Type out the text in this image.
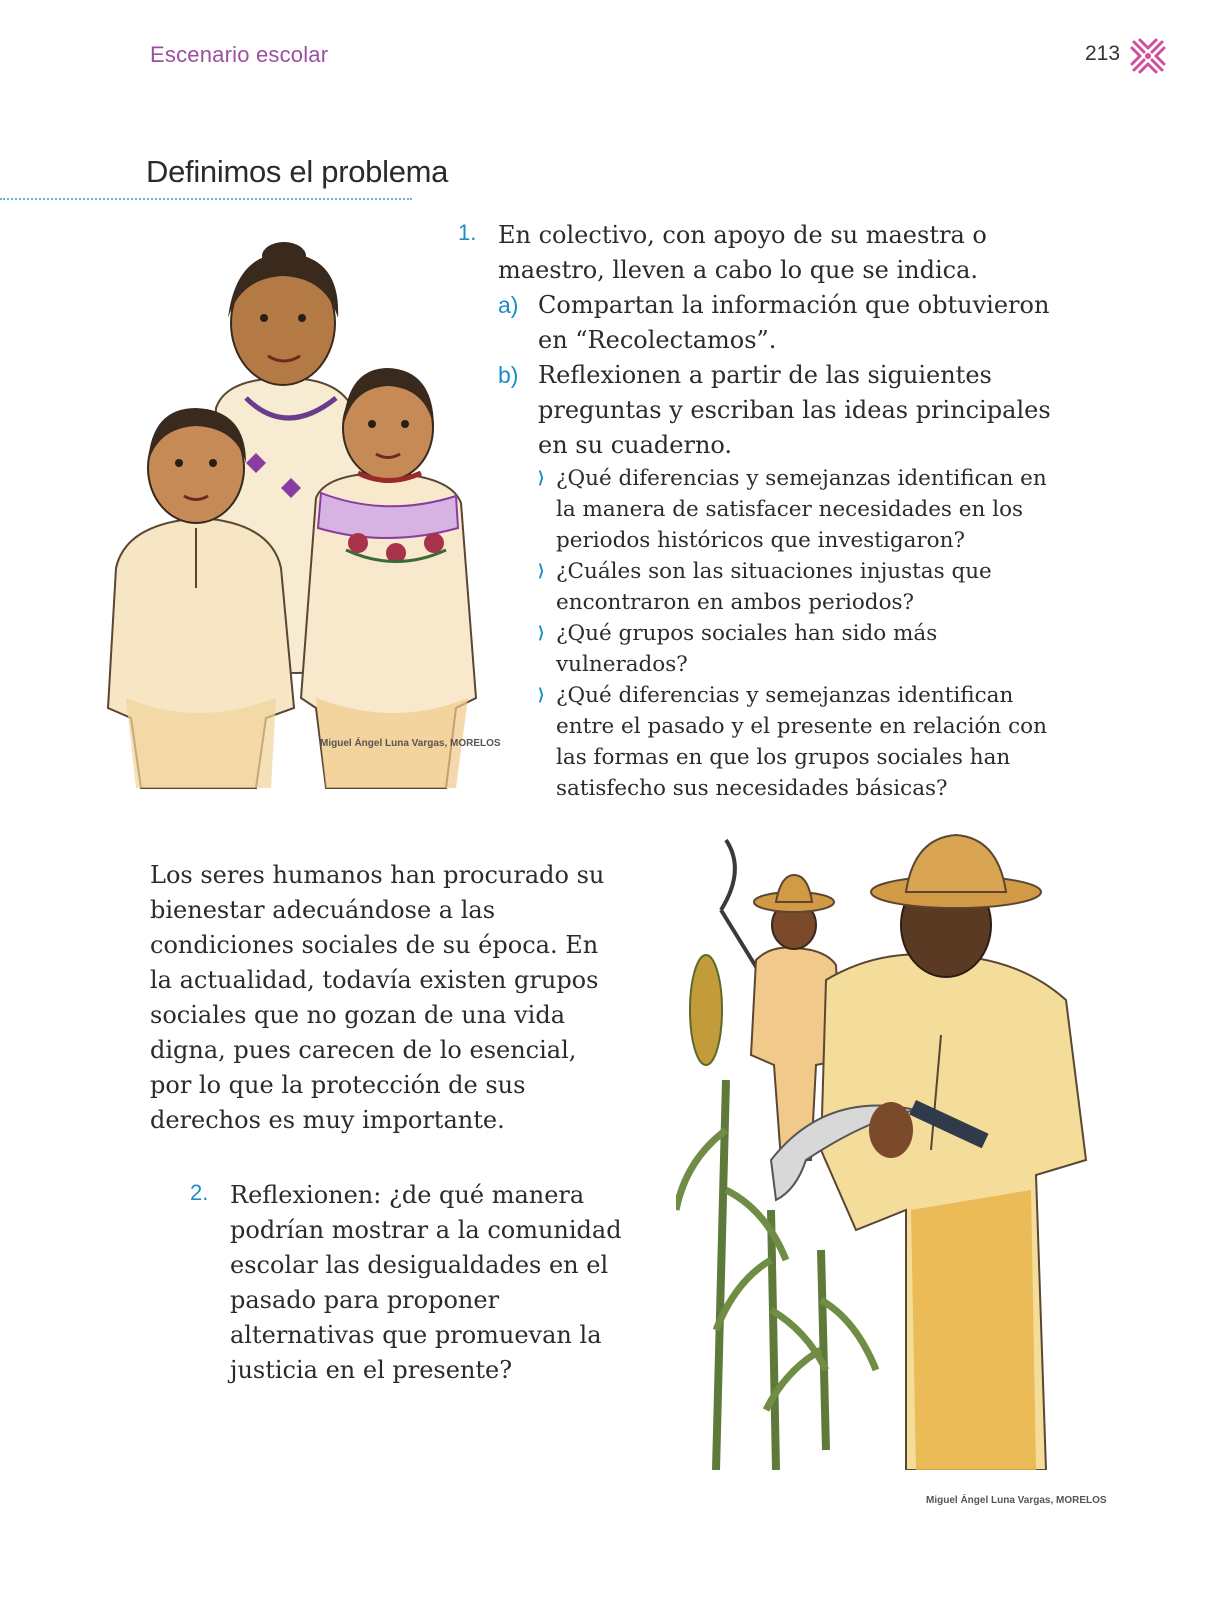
Escenario escolar	213
Definimos el problema
Miguel Ángel Luna Vargas, MORELOS
Miguel Ángel Luna Vargas, MORELOS
1. En colectivo, con apoyo de su maestra o maestro, lleven a cabo lo que se indica.
a) Compartan la información que obtuvieron en “Recolectamos”.
b) Reflexionen a partir de las siguientes preguntas y escriban las ideas principales en su cuaderno.
⟩ ¿Qué diferencias y semejanzas identifican en la manera de satisfacer necesidades en los periodos históricos que investigaron?
⟩ ¿Cuáles son las situaciones injustas que encontraron en ambos periodos?
⟩ ¿Qué grupos sociales han sido más vulnerados?
⟩ ¿Qué diferencias y semejanzas identifican entre el pasado y el presente en relación con las formas en que los grupos sociales han satisfecho sus necesidades básicas?
Los seres humanos han procurado su bienestar adecuándose a las condiciones sociales de su época. En la actualidad, todavía existen grupos sociales que no gozan de una vida digna, pues carecen de lo esencial, por lo que la protección de sus derechos es muy importante.
2. Reflexionen: ¿de qué manera podrían mostrar a la comunidad escolar las desigualdades en el pasado para proponer alternativas que promuevan la justicia en el presente?
